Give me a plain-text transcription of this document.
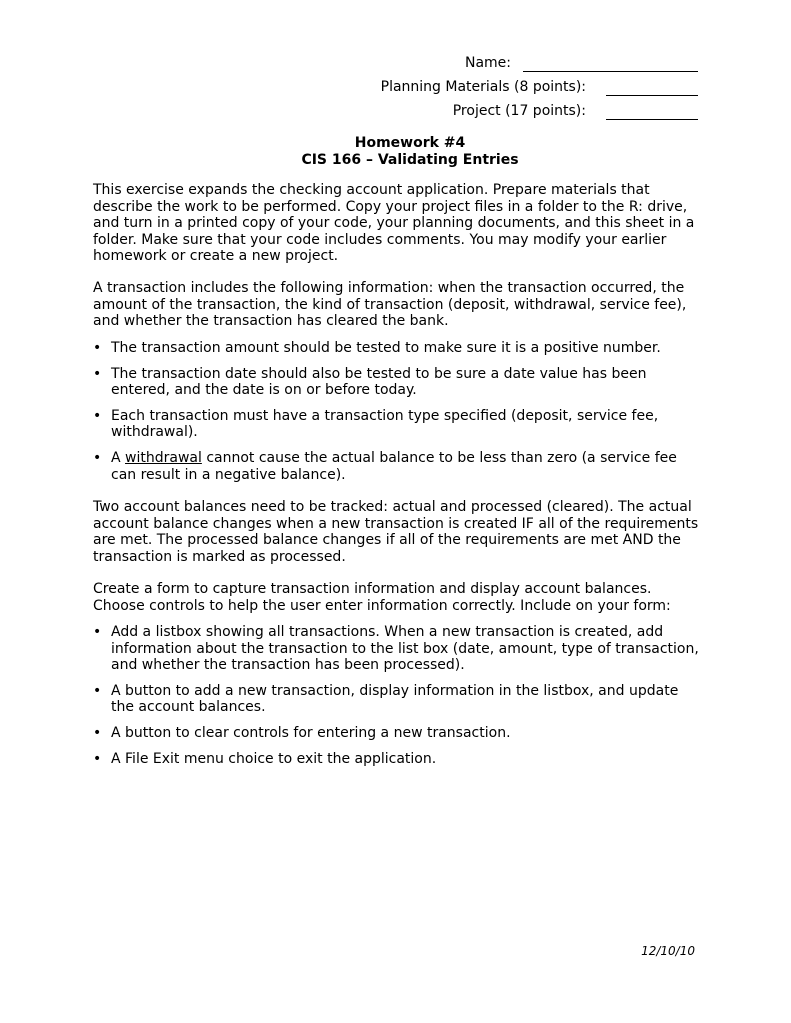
Name:
Planning Materials (8 points):
Project (17 points):
Homework #4
CIS 166 – Validating Entries

This exercise expands the checking account application. Prepare materials that describe the work to be performed. Copy your project files in a folder to the R: drive, and turn in a printed copy of your code, your planning documents, and this sheet in a folder. Make sure that your code includes comments. You may modify your earlier homework or create a new project.

A transaction includes the following information: when the transaction occurred, the amount of the transaction, the kind of transaction (deposit, withdrawal, service fee), and whether the transaction has cleared the bank.

• The transaction amount should be tested to make sure it is a positive number.
• The transaction date should also be tested to be sure a date value has been entered, and the date is on or before today.
• Each transaction must have a transaction type specified (deposit, service fee, withdrawal).
• A withdrawal cannot cause the actual balance to be less than zero (a service fee can result in a negative balance).

Two account balances need to be tracked: actual and processed (cleared). The actual account balance changes when a new transaction is created IF all of the requirements are met. The processed balance changes if all of the requirements are met AND the transaction is marked as processed.

Create a form to capture transaction information and display account balances. Choose controls to help the user enter information correctly. Include on your form:

• Add a listbox showing all transactions. When a new transaction is created, add information about the transaction to the list box (date, amount, type of transaction, and whether the transaction has been processed).
• A button to add a new transaction, display information in the listbox, and update the account balances.
• A button to clear controls for entering a new transaction.
• A File Exit menu choice to exit the application.
12/10/10
